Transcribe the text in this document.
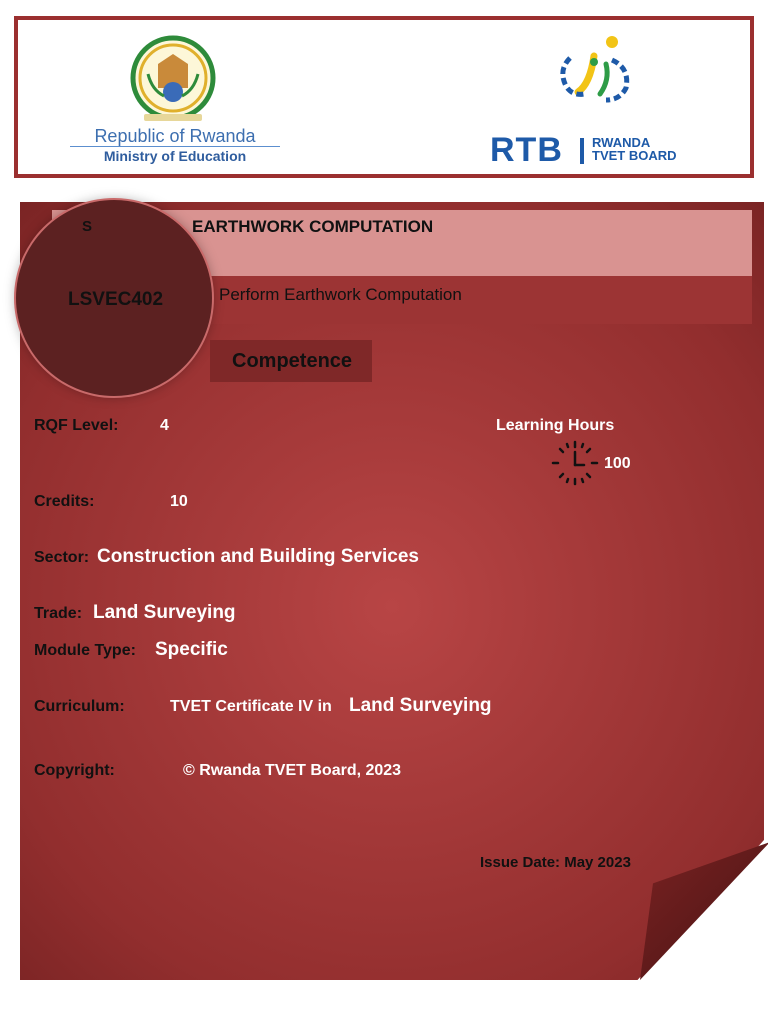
Republic of Rwanda
Ministry of Education	RTB RWANDA
TVET BOARD
EARTHWORK COMPUTATION
Perform Earthwork Computation
S
LSVEC402
Competence
RQF Level:	4	Learning Hours
100
Credits:	10
Sector: Construction and Building Services
Trade: Land Surveying
Module Type: Specific
Curriculum:	TVET Certificate IV in Land Surveying
Copyright:	© Rwanda TVET Board, 2023
Issue Date: May 2023
